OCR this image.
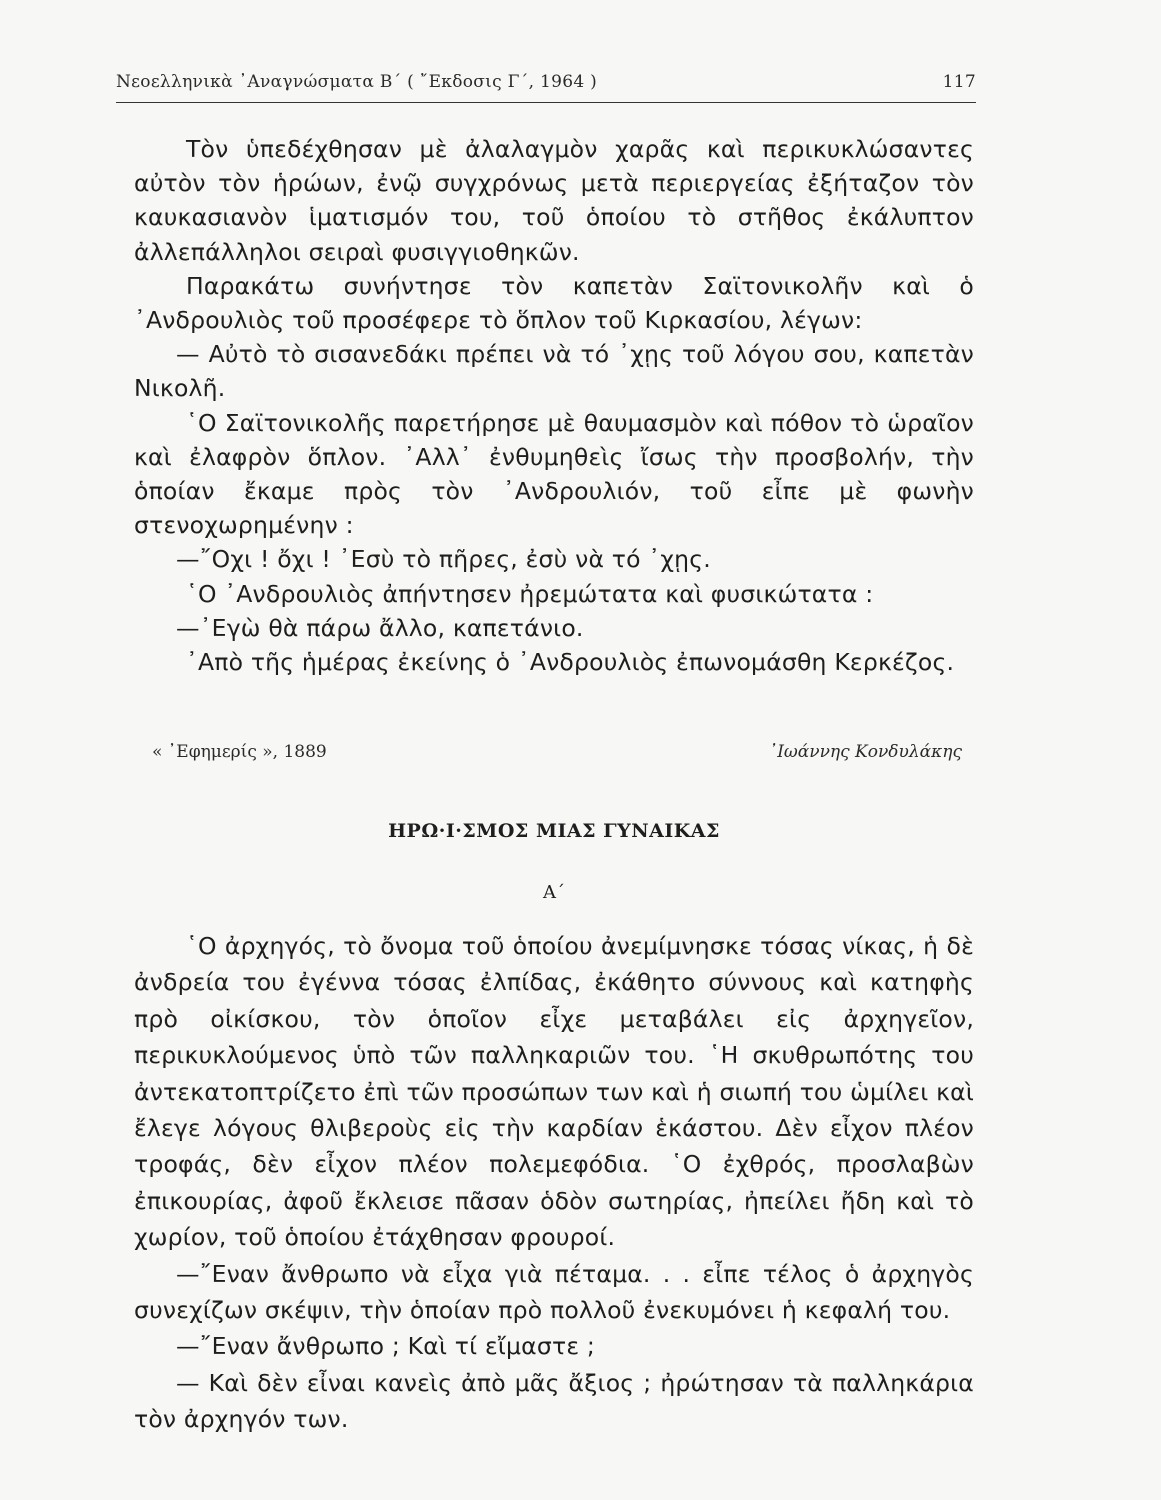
Νεοελληνικὰ ᾿Αναγνώσματα Β΄ ( ῎Εκδοσις Γ΄, 1964 )	117

Τὸν ὑπεδέχθησαν μὲ ἀλαλαγμὸν χαρᾶς καὶ περικυκλώσαντες αὐτὸν τὸν ἡρώων, ἐνῷ συγχρόνως μετὰ περιεργείας ἐξήταζον τὸν καυκασιανὸν ἱματισμόν του, τοῦ ὁποίου τὸ στῆθος ἐκάλυπτον ἀλλεπάλληλοι σειραὶ φυσιγγιοθηκῶν.

Παρακάτω συνήντησε τὸν καπετὰν Σαϊτονικολῆν καὶ ὁ ᾿Ανδρουλιὸς τοῦ προσέφερε τὸ ὅπλον τοῦ Κιρκασίου, λέγων:

— Αὐτὸ τὸ σισανεδάκι πρέπει νὰ τό ᾿χῃς τοῦ λόγου σου, καπετὰν Νικολῆ.

῾Ο Σαϊτονικολῆς παρετήρησε μὲ θαυμασμὸν καὶ πόθον τὸ ὡραῖον καὶ ἐλαφρὸν ὅπλον. ᾿Αλλ᾿ ἐνθυμηθεὶς ἴσως τὴν προσβολήν, τὴν ὁποίαν ἔκαμε πρὸς τὸν ᾿Ανδρουλιόν, τοῦ εἶπε μὲ φωνὴν στενοχωρημένην :

—῎Οχι ! ὄχι ! ᾿Εσὺ τὸ πῆρες, ἐσὺ νὰ τό ᾿χῃς.

῾Ο ᾿Ανδρουλιὸς ἀπήντησεν ἠρεμώτατα καὶ φυσικώτατα :

—᾿Εγὼ θὰ πάρω ἄλλο, καπετάνιο.

᾿Απὸ τῆς ἡμέρας ἐκείνης ὁ ᾿Ανδρουλιὸς ἐπωνομάσθη Κερκέζος.

« ᾿Εφημερίς », 1889	᾿Ιωάννης Κονδυλάκης
ΗΡΩ·Ι·ΣΜΟΣ ΜΙΑΣ ΓΥΝΑΙΚΑΣ
Α΄

῾Ο ἀρχηγός, τὸ ὄνομα τοῦ ὁποίου ἀνεμίμνησκε τόσας νίκας, ἡ δὲ ἀνδρεία του ἐγέννα τόσας ἐλπίδας, ἐκάθητο σύννους καὶ κατηφὴς πρὸ οἰκίσκου, τὸν ὁποῖον εἶχε μεταβάλει εἰς ἀρχηγεῖον, περικυκλούμενος ὑπὸ τῶν παλληκαριῶν του. ῾Η σκυθρωπότης του ἀντεκατοπτρίζετο ἐπὶ τῶν προσώπων των καὶ ἡ σιωπή του ὡμίλει καὶ ἔλεγε λόγους θλιβεροὺς εἰς τὴν καρδίαν ἑκάστου. Δὲν εἶχον πλέον τροφάς, δὲν εἶχον πλέον πολεμεφόδια. ῾Ο ἐχθρός, προσλαβὼν ἐπικουρίας, ἀφοῦ ἔκλεισε πᾶσαν ὁδὸν σωτηρίας, ἠπείλει ἤδη καὶ τὸ χωρίον, τοῦ ὁποίου ἐτάχθησαν φρουροί.

—῎Εναν ἄνθρωπο νὰ εἶχα γιὰ πέταμα. . . εἶπε τέλος ὁ ἀρχηγὸς συνεχίζων σκέψιν, τὴν ὁποίαν πρὸ πολλοῦ ἐνεκυμόνει ἡ κεφαλή του.

—῎Εναν ἄνθρωπο ; Καὶ τί εἴμαστε ;

— Καὶ δὲν εἶναι κανεὶς ἀπὸ μᾶς ἄξιος ; ἠρώτησαν τὰ παλληκάρια τὸν ἀρχηγόν των.
